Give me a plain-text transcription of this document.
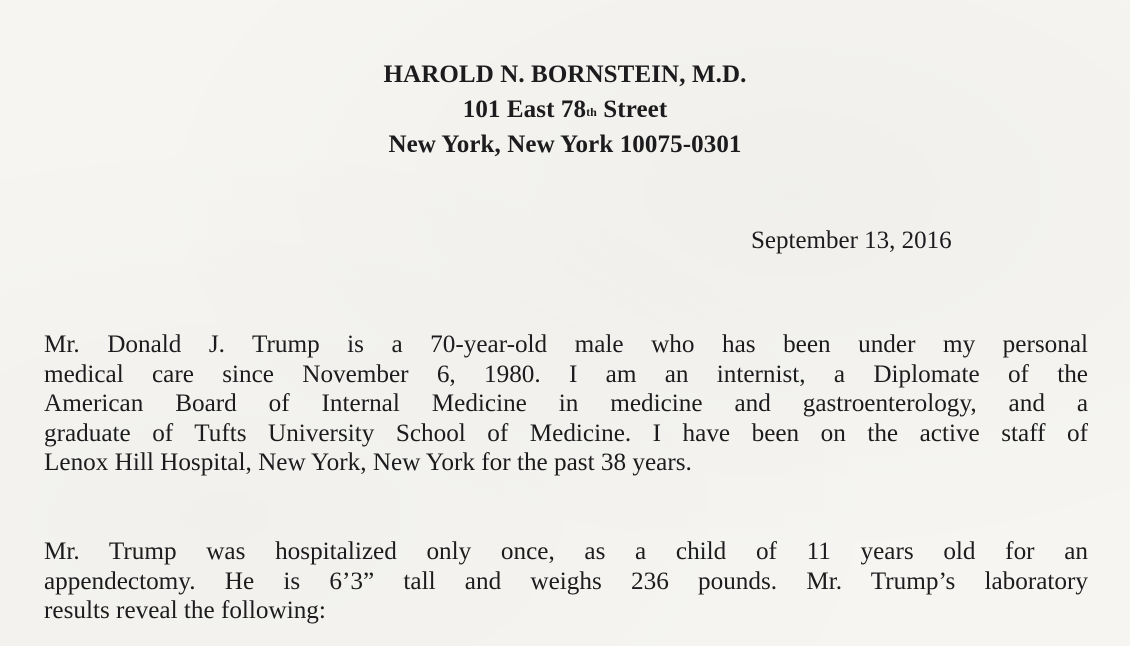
HAROLD N. BORNSTEIN, M.D.
101 East 78th Street
New York, New York 10075-0301
September 13, 2016
Mr. Donald J. Trump is a 70-year-old male who has been under my personal
medical care since November 6, 1980. I am an internist, a Diplomate of the
American Board of Internal Medicine in medicine and gastroenterology, and a
graduate of Tufts University School of Medicine. I have been on the active staff of
Lenox Hill Hospital, New York, New York for the past 38 years.
Mr. Trump was hospitalized only once, as a child of 11 years old for an
appendectomy. He is 6’3” tall and weighs 236 pounds. Mr. Trump’s laboratory
results reveal the following:
